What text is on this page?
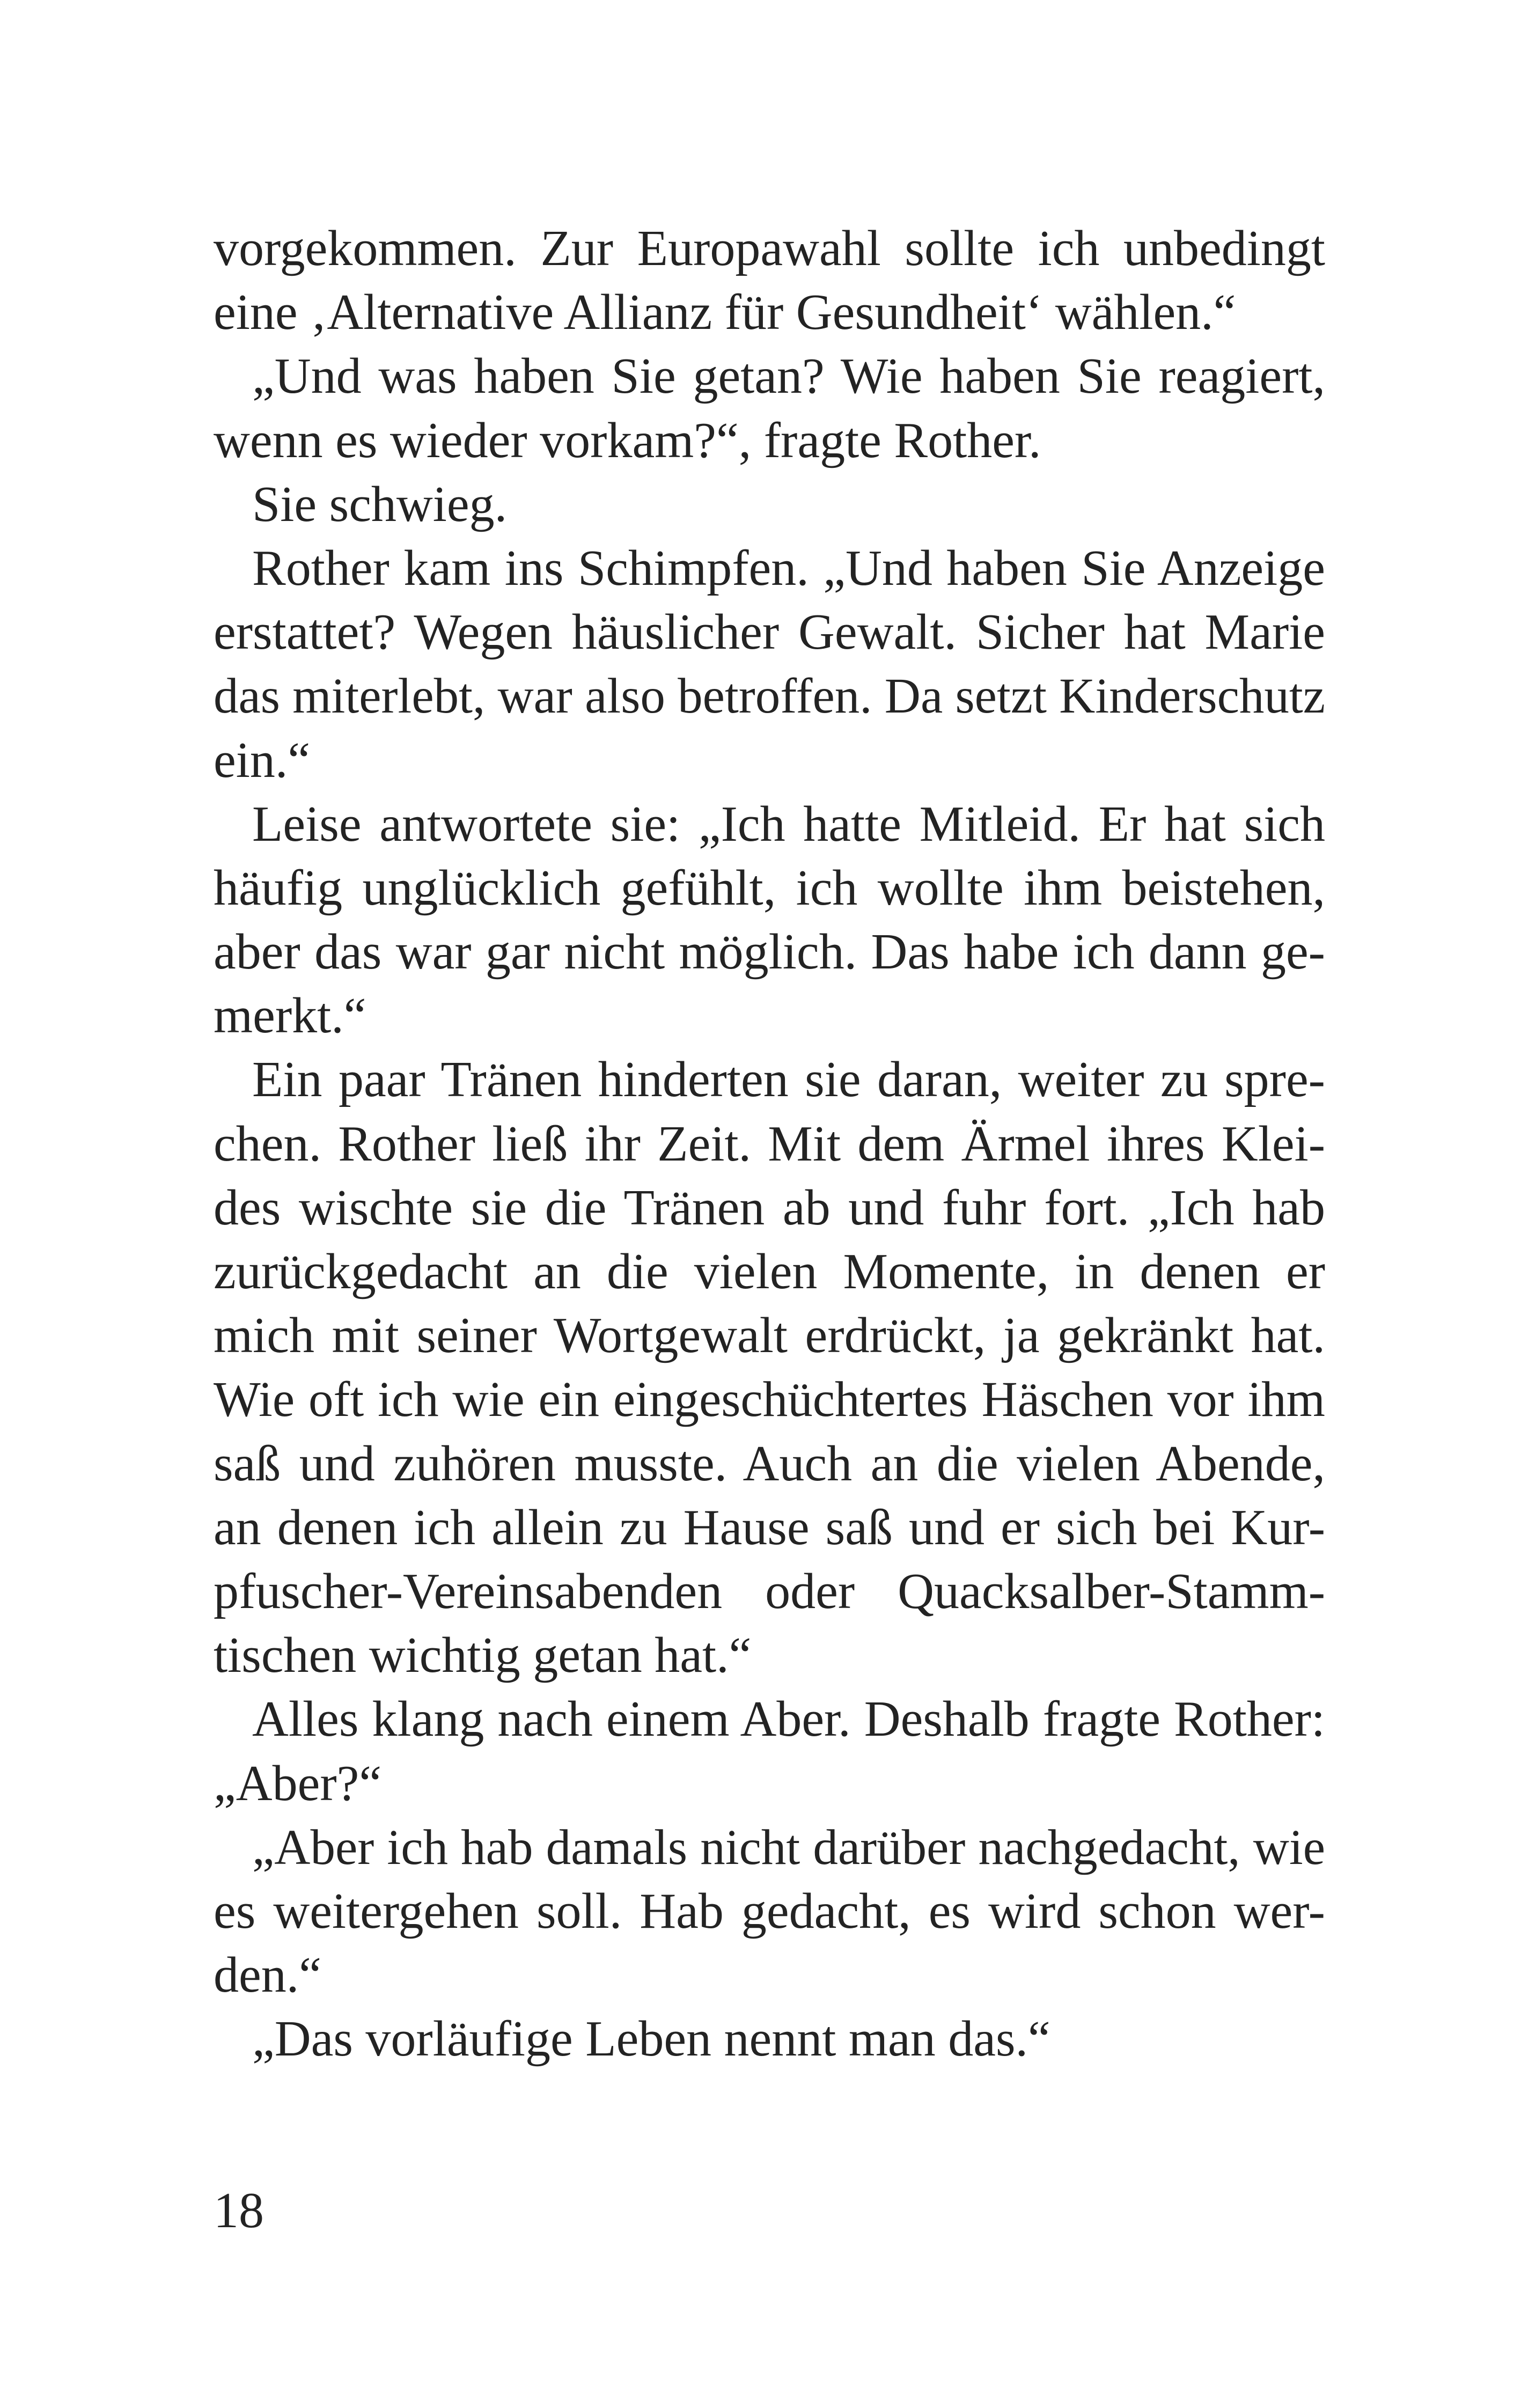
vorgekommen. Zur Europawahl sollte ich unbedingt
eine ‚Alternative Allianz für Gesundheit‘ wählen.“
„Und was haben Sie getan? Wie haben Sie reagiert,
wenn es wieder vorkam?“, fragte Rother.
Sie schwieg.
Rother kam ins Schimpfen. „Und haben Sie Anzeige
erstattet? Wegen häuslicher Gewalt. Sicher hat Marie
das miterlebt, war also betroffen. Da setzt Kinderschutz
ein.“
Leise antwortete sie: „Ich hatte Mitleid. Er hat sich
häufig unglücklich gefühlt, ich wollte ihm beistehen,
aber das war gar nicht möglich. Das habe ich dann ge-
merkt.“
Ein paar Tränen hinderten sie daran, weiter zu spre-
chen. Rother ließ ihr Zeit. Mit dem Ärmel ihres Klei-
des wischte sie die Tränen ab und fuhr fort. „Ich hab
zurückgedacht an die vielen Momente, in denen er
mich mit seiner Wortgewalt erdrückt, ja gekränkt hat.
Wie oft ich wie ein eingeschüchtertes Häschen vor ihm
saß und zuhören musste. Auch an die vielen Abende,
an denen ich allein zu Hause saß und er sich bei Kur-
pfuscher-Vereinsabenden oder Quacksalber-Stamm-
tischen wichtig getan hat.“
Alles klang nach einem Aber. Deshalb fragte Rother:
„Aber?“
„Aber ich hab damals nicht darüber nachgedacht, wie
es weitergehen soll. Hab gedacht, es wird schon wer-
den.“
„Das vorläufige Leben nennt man das.“
18
